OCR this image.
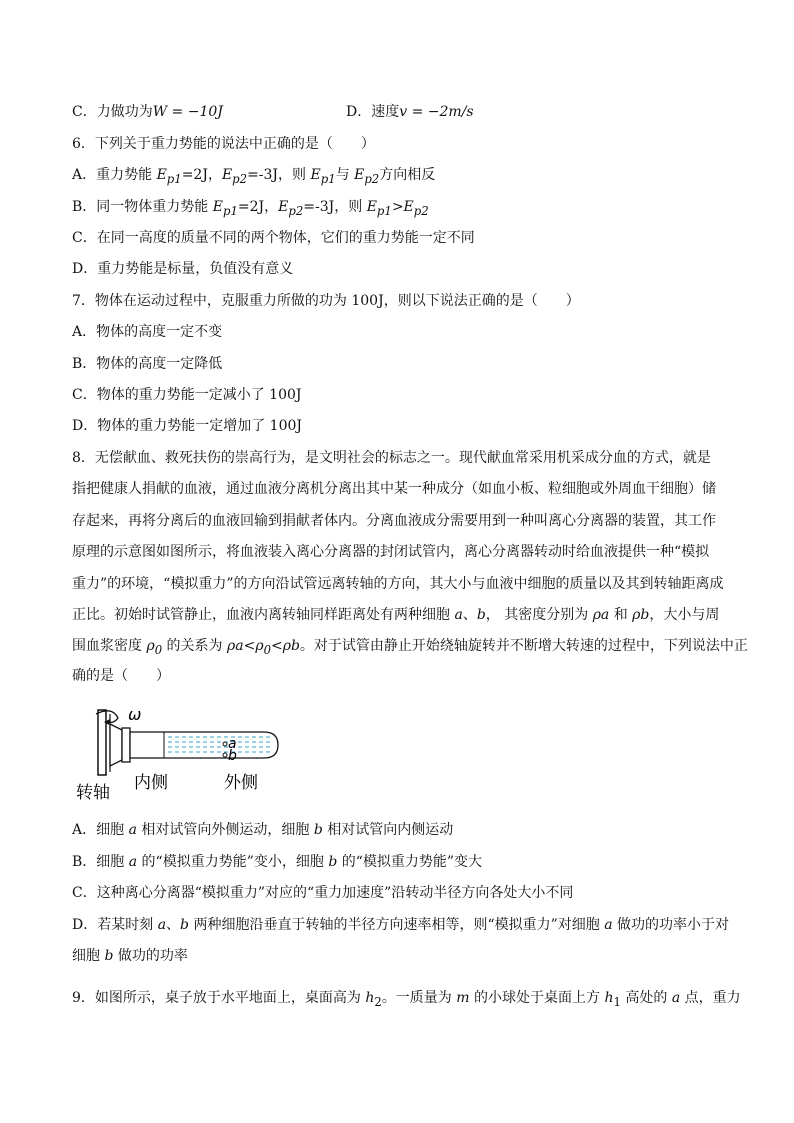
C．力做功为W = −10J	D．速度v = −2m/s
6．下列关于重力势能的说法中正确的是（　　）
A．重力势能 $E_{p1}=2J$，$E_{p2}=-3J$，则 $E_{p1}$与 $E_{p2}$方向相反
B．同一物体重力势能 $E_{p1}=2J$，$E_{p2}=-3J$，则 $E_{p1}>E_{p2}$
C．在同一高度的质量不同的两个物体，它们的重力势能一定不同
D．重力势能是标量，负值没有意义
7．物体在运动过程中，克服重力所做的功为 100J，则以下说法正确的是（　　）
A．物体的高度一定不变
B．物体的高度一定降低
C．物体的重力势能一定减小了 100J
D．物体的重力势能一定增加了 100J
8．无偿献血、救死扶伤的崇高行为，是文明社会的标志之一。现代献血常采用机采成分血的方式，就是
指把健康人捐献的血液，通过血液分离机分离出其中某一种成分（如血小板、粒细胞或外周血干细胞）储
存起来，再将分离后的血液回输到捐献者体内。分离血液成分需要用到一种叫离心分离器的装置，其工作
原理的示意图如图所示，将血液装入离心分离器的封闭试管内，离心分离器转动时给血液提供一种“模拟
重力”的环境，“模拟重力”的方向沿试管远离转轴的方向，其大小与血液中细胞的质量以及其到转轴距离成
正比。初始时试管静止，血液内离转轴同样距离处有两种细胞 a、b， 其密度分别为 ρa 和 ρb，大小与周
围血浆密度 $\rho_0$ 的关系为 $\rho a<\rho_0<\rho b$。对于试管由静止开始绕轴旋转并不断增大转速的过程中，下列说法中正
确的是（　　）
ω
a
b
转轴 内侧	外侧
A．细胞 a 相对试管向外侧运动，细胞 b 相对试管向内侧运动
B．细胞 a 的“模拟重力势能”变小，细胞 b 的“模拟重力势能”变大
C．这种离心分离器“模拟重力”对应的“重力加速度”沿转动半径方向各处大小不同
D．若某时刻 a、b 两种细胞沿垂直于转轴的半径方向速率相等，则“模拟重力”对细胞 a 做功的功率小于对
细胞 b 做功的功率
9．如图所示，桌子放于水平地面上，桌面高为 $h_2$。一质量为 m 的小球处于桌面上方 $h_1$ 高处的 a 点，重力
